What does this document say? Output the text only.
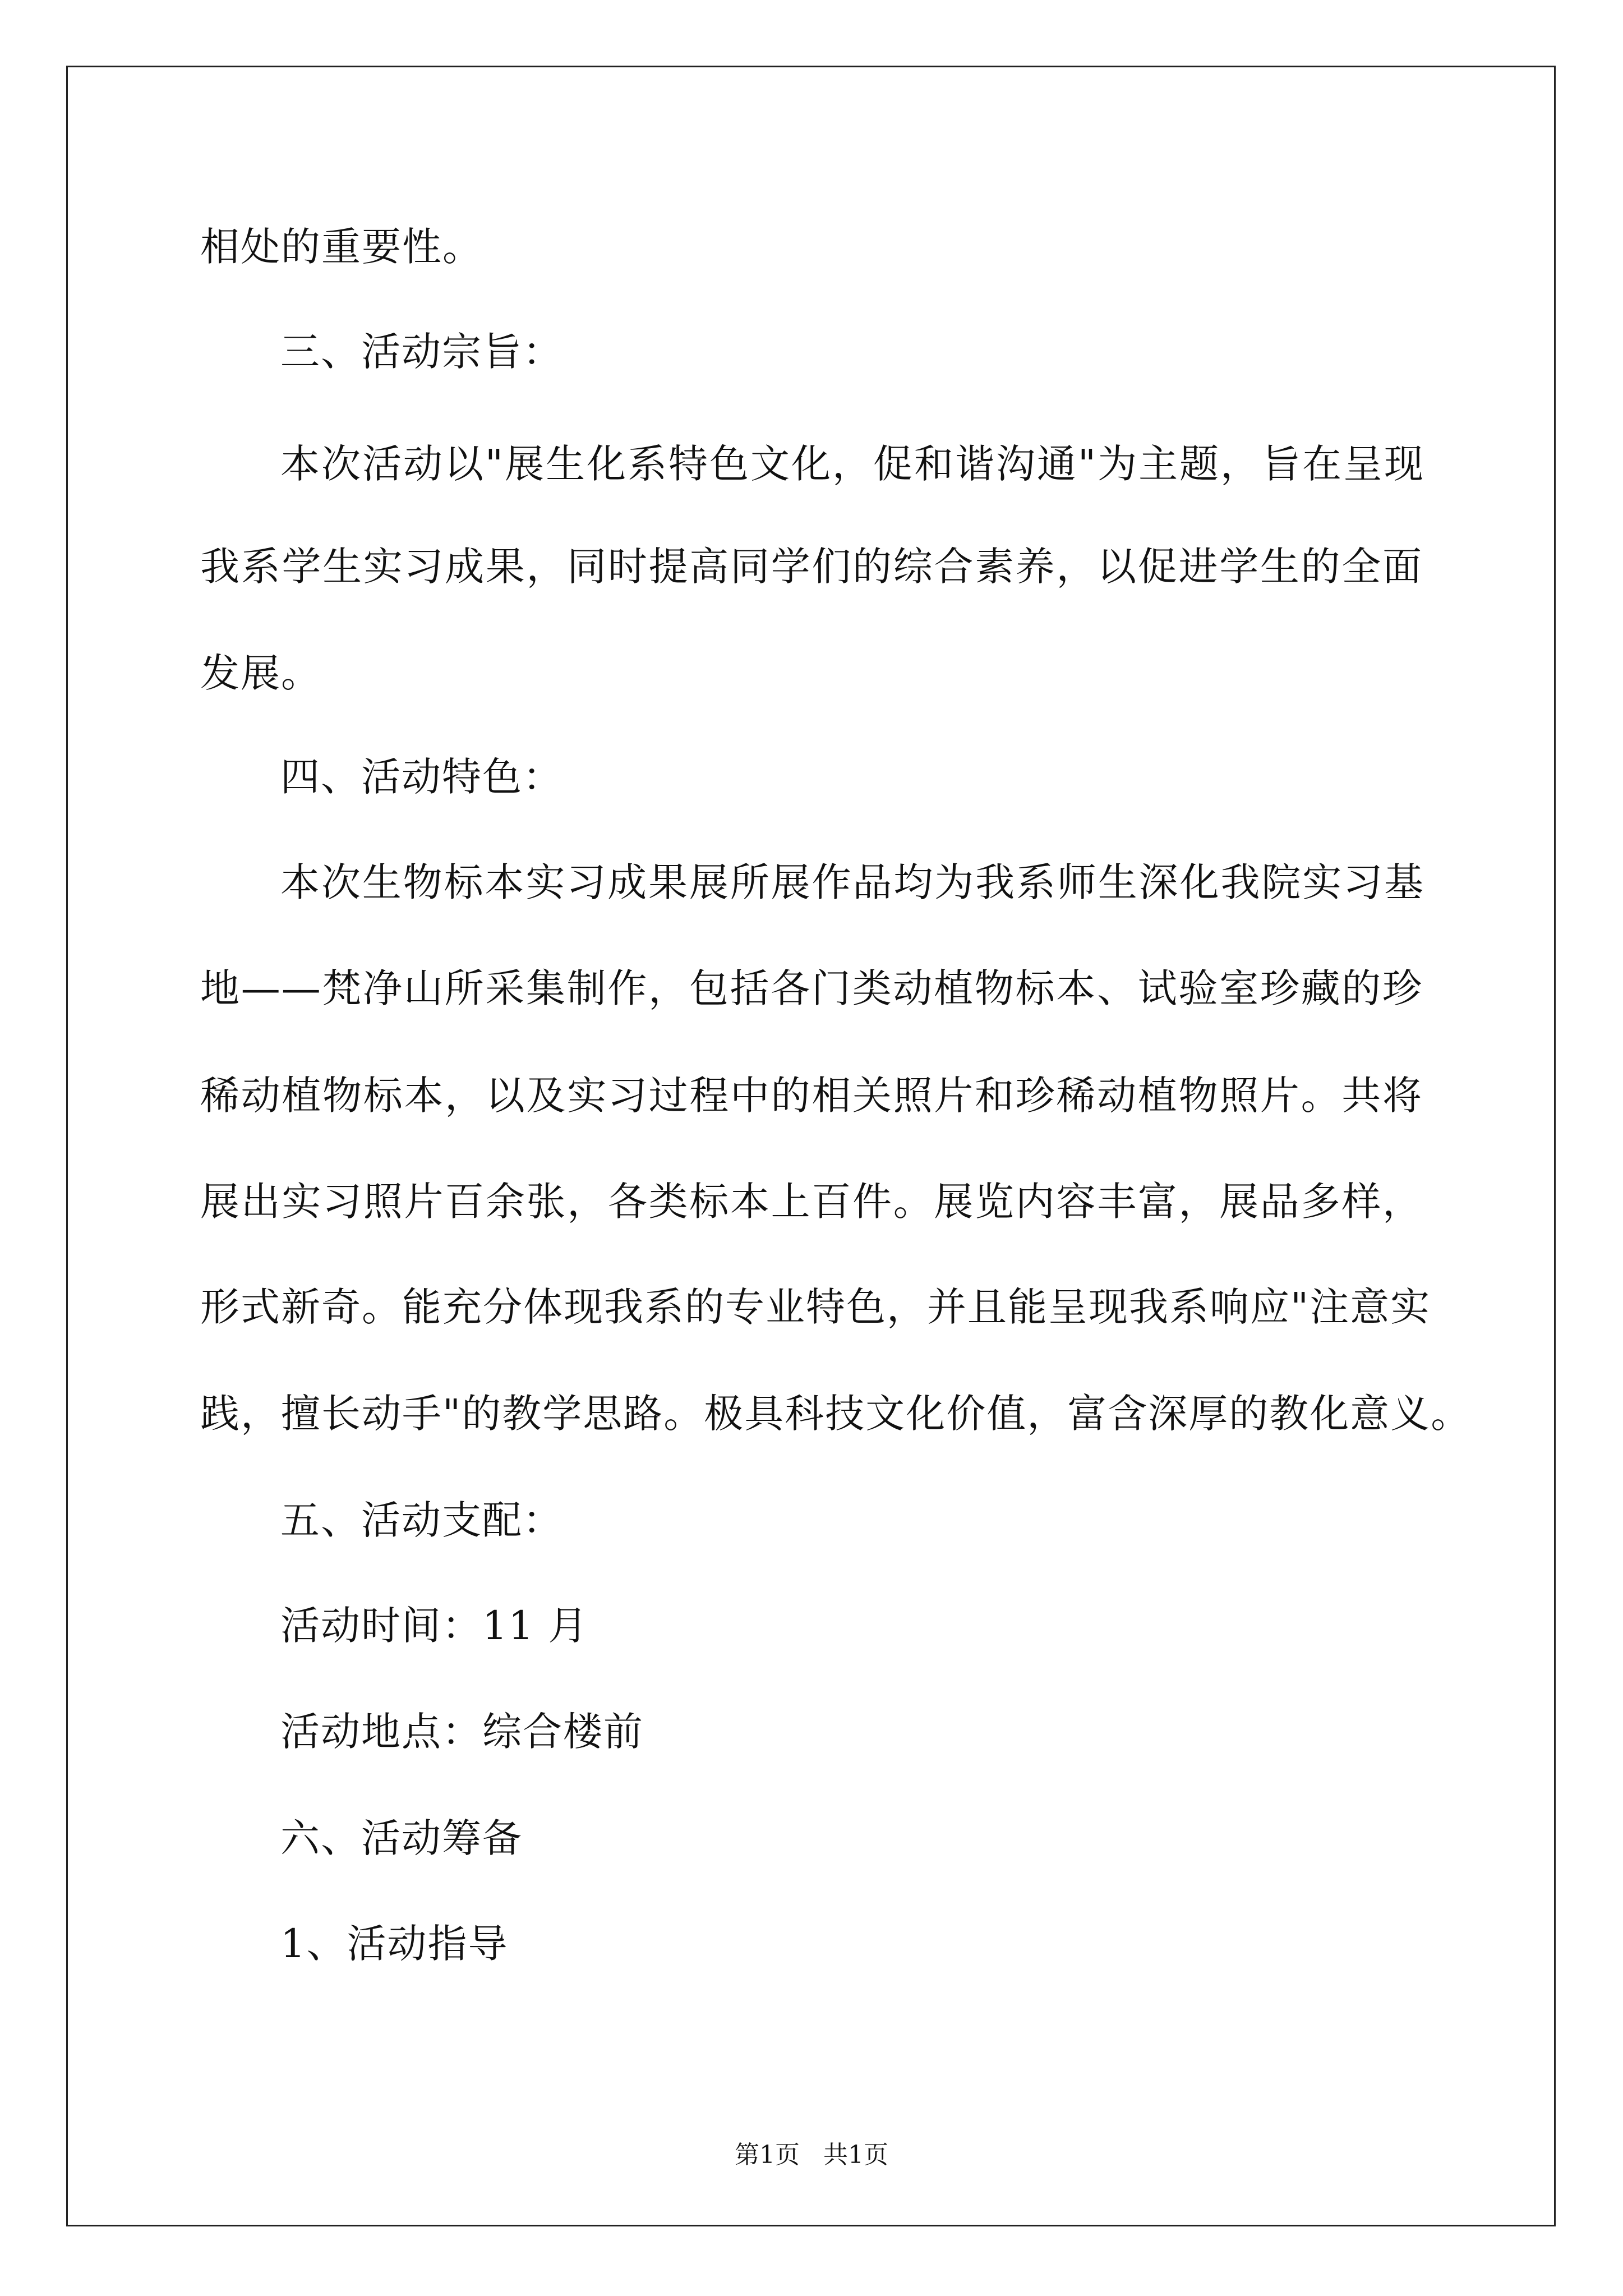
相处的重要性。
三、活动宗旨：
本次活动以"展生化系特色文化，促和谐沟通"为主题，旨在呈现
我系学生实习成果，同时提高同学们的综合素养，以促进学生的全面
发展。
四、活动特色：
本次生物标本实习成果展所展作品均为我系师生深化我院实习基
地——梵净山所采集制作，包括各门类动植物标本、试验室珍藏的珍
稀动植物标本，以及实习过程中的相关照片和珍稀动植物照片。共将
展出实习照片百余张，各类标本上百件。展览内容丰富，展品多样，
形式新奇。能充分体现我系的专业特色，并且能呈现我系响应"注意实
践，擅长动手"的教学思路。极具科技文化价值，富含深厚的教化意义。
五、活动支配：
活动时间：11 月
活动地点：综合楼前
六、活动筹备
1、活动指导
第1页   共1页
